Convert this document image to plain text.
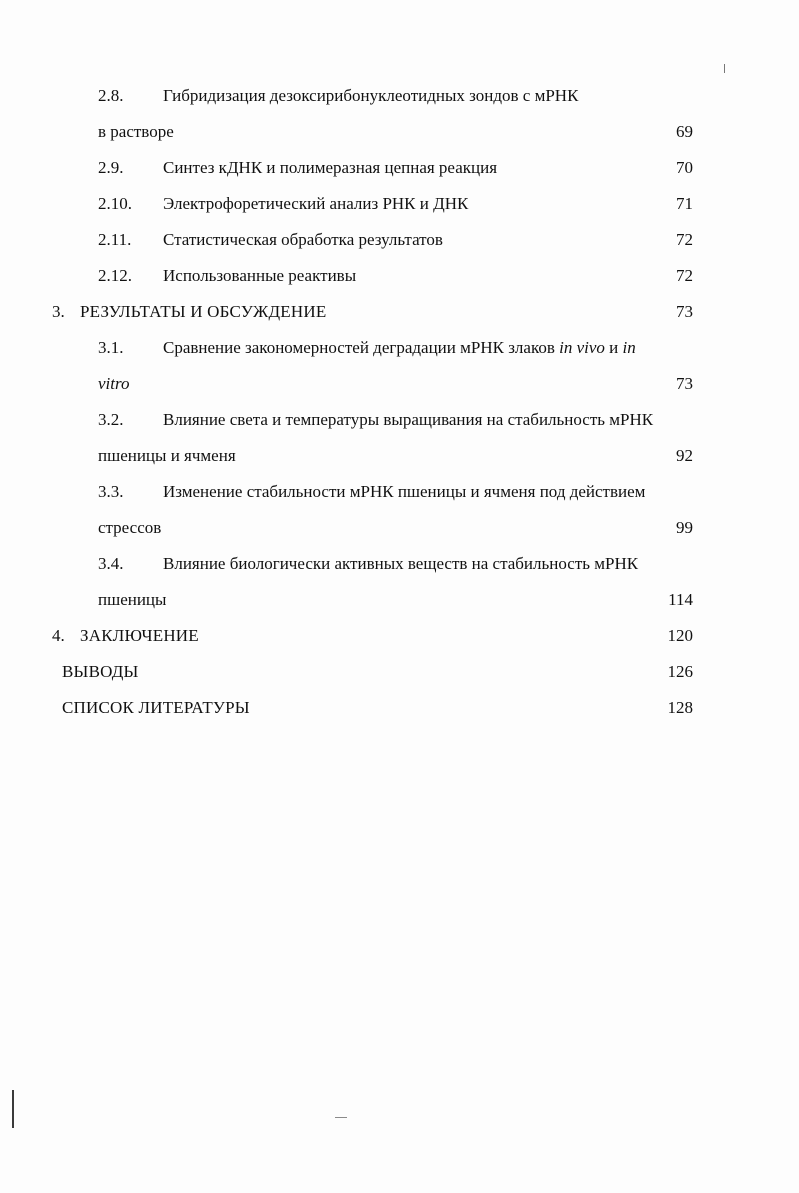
2.8.	Гибридизация дезоксирибонуклеотидных зондов с мРНК
в растворе	69
2.9.	Синтез кДНК и полимеразная цепная реакция	70
2.10.	Электрофоретический анализ РНК и ДНК	71
2.11.	Статистическая обработка результатов	72
2.12.	Использованные реактивы	72
3. РЕЗУЛЬТАТЫ И ОБСУЖДЕНИЕ	73
3.1.	Сравнение закономерностей деградации мРНК злаков in vivo и in
vitro	73
3.2.	Влияние света и температуры выращивания на стабильность мРНК
пшеницы и ячменя	92
3.3.	Изменение стабильности мРНК пшеницы и ячменя под действием
стрессов	99
3.4.	Влияние биологически активных веществ на стабильность мРНК
пшеницы	114
4. ЗАКЛЮЧЕНИЕ	120
ВЫВОДЫ	126
СПИСОК ЛИТЕРАТУРЫ	128
